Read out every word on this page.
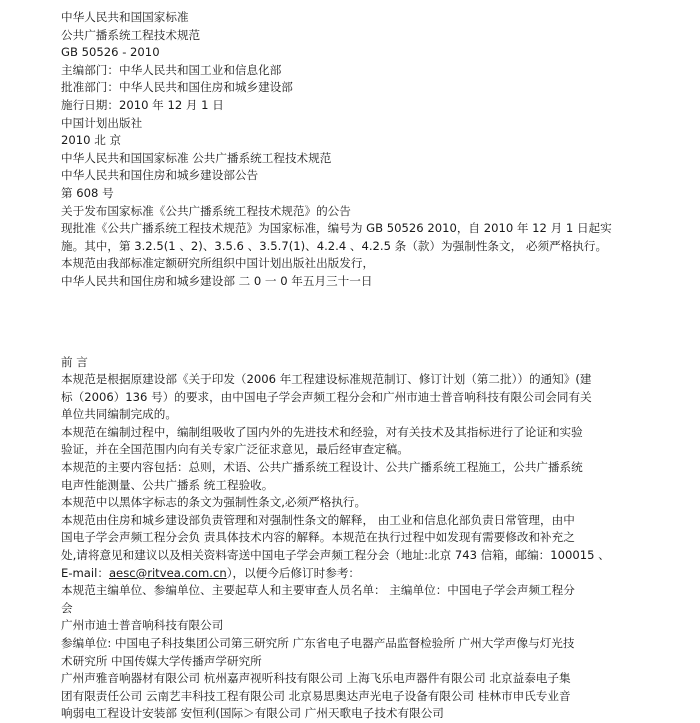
中华人民共和国国家标准
公共广播系统工程技术规范
GB 50526 - 2010
主编部门：中华人民共和国工业和信息化部
批准部门：中华人民共和国住房和城乡建设部
施行日期：2010 年 12 月 1 日
中国计划出版社
2010 北 京
中华人民共和国国家标准 公共广播系统工程技术规范
中华人民共和国住房和城乡建设部公告
第 608 号
关于发布国家标准《公共广播系统工程技术规范》的公告
现批准《公共广播系统工程技术规范》为国家标准，编号为 GB 50526 2010，自 2010 年 12 月 1 日起实
施。其中，第 3.2.5(1 、2)、3.5.6 、3.5.7(1)、4.2.4 、4.2.5 条（款）为强制性条文， 必须严格执行。
本规范由我部标准定额研究所组织中国计划出版社出版发行，
中华人民共和国住房和城乡建设部 二 0 一 0 年五月三十一日
前 言
本规范是根据原建设部《关于印发（2006 年工程建设标准规范制订、修订计划（第二批））的通知》(建
标（2006）136 号）的要求，由中国电子学会声频工程分会和广州市迪士普音响科技有限公司会同有关
单位共同编制完成的。
本规范在编制过程中，编制组吸收了国内外的先进技术和经验，对有关技术及其指标进行了论证和实验
验证，并在全国范围内向有关专家广泛征求意见，最后经审查定稿。
本规范的主要内容包括：总则，术语、公共广播系统工程设计、公共广播系统工程施工，公共广播系统
电声性能测量、公共广播系 统工程验收。
本规范中以黑体字标志的条文为强制性条文,必须严格执行。
本规范由住房和城乡建设部负责管理和对强制性条文的解释， 由工业和信息化部负责日常管理，由中
国电子学会声频工程分会负 责具体技术内容的解释。本规范在执行过程中如发现有需要修改和补充之
处,请将意见和建议以及相关资料寄送中国电子学会声频工程分会（地址:北京 743 信箱，邮编：100015 、
E-mail：aesc@ritvea.com.cn），以便今后修订时参考：
本规范主编单位、参编单位、主要起草人和主要审查人员名单： 主编单位：中国电子学会声频工程分
会
广州市迪士普音响科技有限公司
参编单位: 中国电子科技集团公司第三研究所 广东省电子电器产品监督检验所 广州大学声像与灯光技
术研究所 中国传媒大学传播声学研究所
广州声雅音响器材有限公司 杭州嘉声视听科技有限公司 上海飞乐电声器件有限公司 北京益泰电子集
团有限责任公司 云南艺丰科技工程有限公司 北京易思奥达声光电子设备有限公司 桂林市申氏专业音
响弱电工程设计安装部 安恒利(国际＞有限公司 广州天歌电子技术有限公司
